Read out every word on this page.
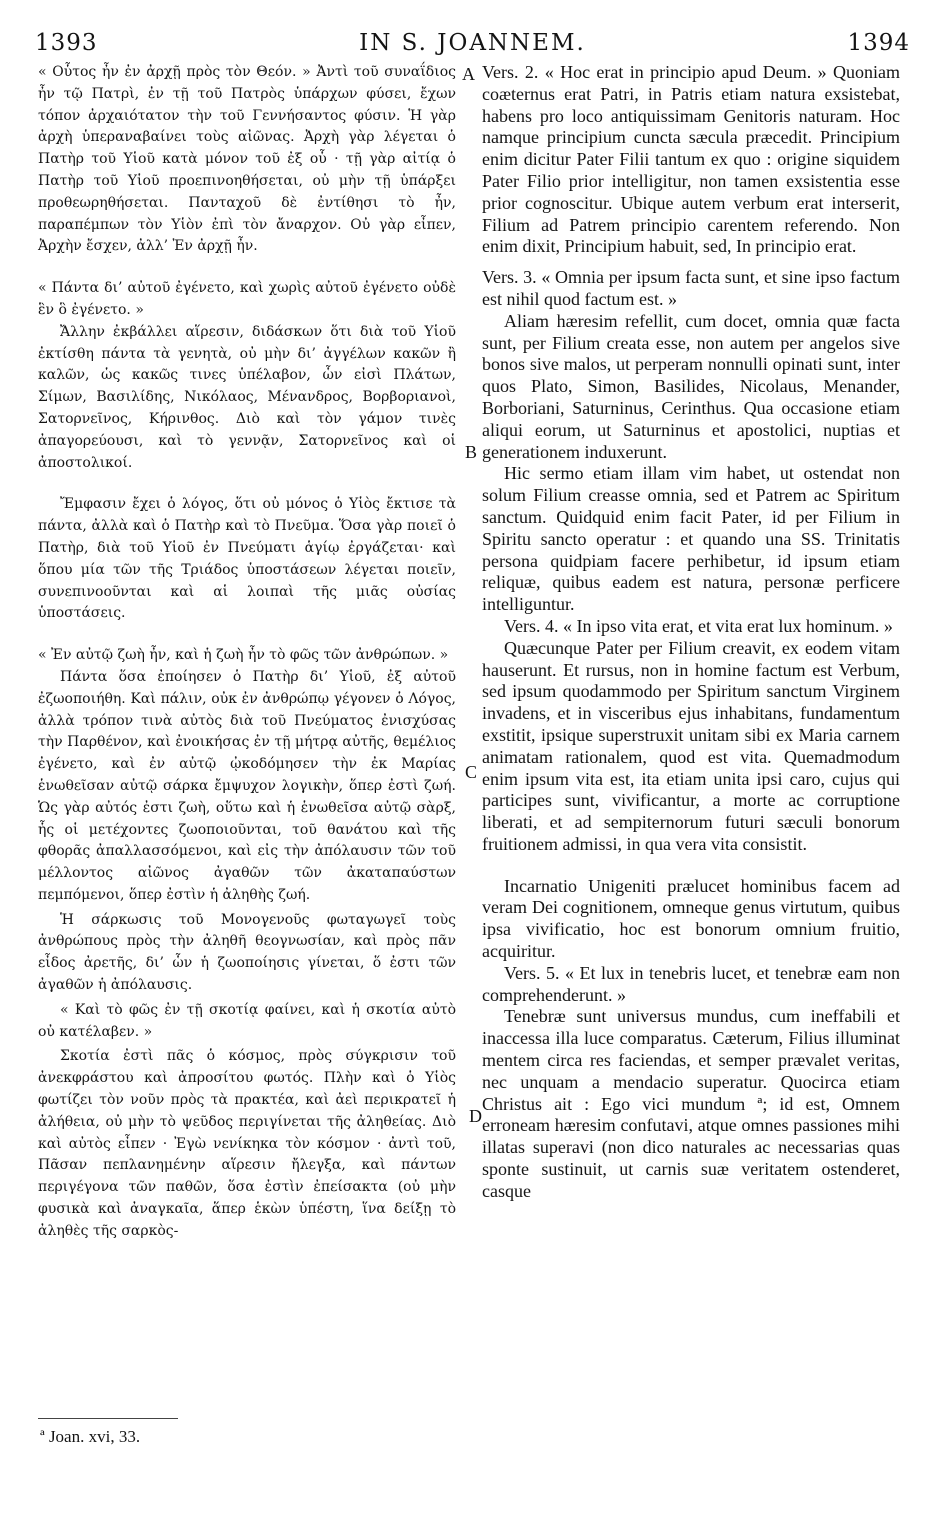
1393	IN S. JOANNEM.	1394

« Οὗτος ἦν ἐν ἀρχῇ πρὸς τὸν Θεόν. » Ἀντὶ τοῦ συναΐδιος ἦν τῷ Πατρὶ, ἐν τῇ τοῦ Πατρὸς ὑπάρχων φύσει, ἔχων τόπον ἀρχαιότατον τὴν τοῦ Γεννήσαντος φύσιν. Ἡ γὰρ ἀρχὴ ὑπεραναβαίνει τοὺς αἰῶνας. Ἀρχὴ γὰρ λέγεται ὁ Πατὴρ τοῦ Υἱοῦ κατὰ μόνον τοῦ ἐξ οὗ · τῇ γὰρ αἰτίᾳ ὁ Πατὴρ τοῦ Υἱοῦ προεπινοηθήσεται, οὐ μὴν τῇ ὑπάρξει προθεωρηθήσεται. Πανταχοῦ δὲ ἐντίθησι τὸ ἦν, παραπέμπων τὸν Υἱὸν ἐπὶ τὸν ἄναρχον. Οὐ γὰρ εἶπεν, Ἀρχὴν ἔσχεν, ἀλλ’ Ἐν ἀρχῇ ἦν.

« Πάντα δι’ αὐτοῦ ἐγένετο, καὶ χωρὶς αὐτοῦ ἐγένετο οὐδὲ ἓν ὃ ἐγένετο. »

Ἄλλην ἐκβάλλει αἵρεσιν, διδάσκων ὅτι διὰ τοῦ Υἱοῦ ἐκτίσθη πάντα τὰ γενητὰ, οὐ μὴν δι’ ἀγγέλων κακῶν ἢ καλῶν, ὡς κακῶς τινες ὑπέλαβον, ὧν εἰσὶ Πλάτων, Σίμων, Βασιλίδης, Νικόλαος, Μένανδρος, Βορβοριανοὶ, Σατορνεῖνος, Κήρινθος. Διὸ καὶ τὸν γάμον τινὲς ἀπαγορεύουσι, καὶ τὸ γεννᾷν, Σατορνεῖνος καὶ οἱ ἀποστολικοί.

Ἔμφασιν ἔχει ὁ λόγος, ὅτι οὐ μόνος ὁ Υἱὸς ἔκτισε τὰ πάντα, ἀλλὰ καὶ ὁ Πατὴρ καὶ τὸ Πνεῦμα. Ὅσα γὰρ ποιεῖ ὁ Πατὴρ, διὰ τοῦ Υἱοῦ ἐν Πνεύματι ἁγίῳ ἐργάζεται· καὶ ὅπου μία τῶν τῆς Τριάδος ὑποστάσεων λέγεται ποιεῖν, συνεπινοοῦνται καὶ αἱ λοιπαὶ τῆς μιᾶς οὐσίας ὑποστάσεις.

« Ἐν αὐτῷ ζωὴ ἦν, καὶ ἡ ζωὴ ἦν τὸ φῶς τῶν ἀνθρώπων. »

Πάντα ὅσα ἐποίησεν ὁ Πατὴρ δι’ Υἱοῦ, ἐξ αὐτοῦ ἐζωοποιήθη. Καὶ πάλιν, οὐκ ἐν ἀνθρώπῳ γέγονεν ὁ Λόγος, ἀλλὰ τρόπον τινὰ αὐτὸς διὰ τοῦ Πνεύματος ἐνισχύσας τὴν Παρθένον, καὶ ἐνοικήσας ἐν τῇ μήτρᾳ αὐτῆς, θεμέλιος ἐγένετο, καὶ ἐν αὐτῷ ᾠκοδόμησεν τὴν ἐκ Μαρίας ἑνωθεῖσαν αὐτῷ σάρκα ἔμψυχον λογικὴν, ὅπερ ἐστὶ ζωή. Ὡς γὰρ αὐτός ἐστι ζωὴ, οὕτω καὶ ἡ ἑνωθεῖσα αὐτῷ σὰρξ, ἧς οἱ μετέχοντες ζωοποιοῦνται, τοῦ θανάτου καὶ τῆς φθορᾶς ἀπαλλασσόμενοι, καὶ εἰς τὴν ἀπόλαυσιν τῶν τοῦ μέλλοντος αἰῶνος ἀγαθῶν τῶν ἀκαταπαύστων πεμπόμενοι, ὅπερ ἐστὶν ἡ ἀληθὴς ζωή.

Ἡ σάρκωσις τοῦ Μονογενοῦς φωταγωγεῖ τοὺς ἀνθρώπους πρὸς τὴν ἀληθῆ θεογνωσίαν, καὶ πρὸς πᾶν εἶδος ἀρετῆς, δι’ ὧν ἡ ζωοποίησις γίνεται, ὅ ἐστι τῶν ἀγαθῶν ἡ ἀπόλαυσις.

« Καὶ τὸ φῶς ἐν τῇ σκοτίᾳ φαίνει, καὶ ἡ σκοτία αὐτὸ οὐ κατέλαβεν. »

Σκοτία ἐστὶ πᾶς ὁ κόσμος, πρὸς σύγκρισιν τοῦ ἀνεκφράστου καὶ ἀπροσίτου φωτός. Πλὴν καὶ ὁ Υἱὸς φωτίζει τὸν νοῦν πρὸς τὰ πρακτέα, καὶ ἀεὶ περικρατεῖ ἡ ἀλήθεια, οὐ μὴν τὸ ψεῦδος περιγίνεται τῆς ἀληθείας. Διὸ καὶ αὐτὸς εἶπεν · Ἐγὼ νενίκηκα τὸν κόσμον · ἀντὶ τοῦ, Πᾶσαν πεπλανημένην αἵρεσιν ἤλεγξα, καὶ πάντων περιγέγονα τῶν παθῶν, ὅσα ἐστὶν ἐπείσακτα (οὐ μὴν φυσικὰ καὶ ἀναγκαῖα, ἅπερ ἑκὼν ὑπέστη, ἵνα δείξῃ τὸ ἀληθὲς τῆς σαρκὸς-

A
B
C
D

Vers. 2. « Hoc erat in principio apud Deum. » Quoniam coæternus erat Patri, in Patris etiam natura exsistebat, habens pro loco antiquissimam Genitoris naturam. Hoc namque principium cuncta sæcula præcedit. Principium enim dicitur Pater Filii tantum ex quo : origine siquidem Pater Filio prior intelligitur, non tamen exsistentia esse prior cognoscitur. Ubique autem verbum erat interserit, Filium ad Patrem principio carentem referendo. Non enim dixit, Principium habuit, sed, In principio erat.

Vers. 3. « Omnia per ipsum facta sunt, et sine ipso factum est nihil quod factum est. »

Aliam hæresim refellit, cum docet, omnia quæ facta sunt, per Filium creata esse, non autem per angelos sive bonos sive malos, ut perperam nonnulli opinati sunt, inter quos Plato, Simon, Basilides, Nicolaus, Menander, Borboriani, Saturninus, Cerinthus. Qua occasione etiam aliqui eorum, ut Saturninus et apostolici, nuptias et generationem induxerunt.

Hic sermo etiam illam vim habet, ut ostendat non solum Filium creasse omnia, sed et Patrem ac Spiritum sanctum. Quidquid enim facit Pater, id per Filium in Spiritu sancto operatur : et quando una SS. Trinitatis persona quidpiam facere perhibetur, id ipsum etiam reliquæ, quibus eadem est natura, personæ perficere intelliguntur.

Vers. 4. « In ipso vita erat, et vita erat lux hominum. »

Quæcunque Pater per Filium creavit, ex eodem vitam hauserunt. Et rursus, non in homine factum est Verbum, sed ipsum quodammodo per Spiritum sanctum Virginem invadens, et in visceribus ejus inhabitans, fundamentum exstitit, ipsique superstruxit unitam sibi ex Maria carnem animatam rationalem, quod est vita. Quemadmodum enim ipsum vita est, ita etiam unita ipsi caro, cujus qui participes sunt, vivificantur, a morte ac corruptione liberati, et ad sempiternorum futuri sæculi bonorum fruitionem admissi, in qua vera vita consistit.

Incarnatio Unigeniti prælucet hominibus facem ad veram Dei cognitionem, omneque genus virtutum, quibus ipsa vivificatio, hoc est bonorum omnium fruitio, acquiritur.

Vers. 5. « Et lux in tenebris lucet, et tenebræ eam non comprehenderunt. »

Tenebræ sunt universus mundus, cum ineffabili et inaccessa illa luce comparatus. Cæterum, Filius illuminat mentem circa res faciendas, et semper prævalet veritas, nec unquam a mendacio superatur. Quocirca etiam Christus ait : Ego vici mundum ª; id est, Omnem erroneam hæresim confutavi, atque omnes passiones mihi illatas superavi (non dico naturales ac necessarias quas sponte sustinuit, ut carnis suæ veritatem ostenderet, casque

ª Joan. xvi, 33.
